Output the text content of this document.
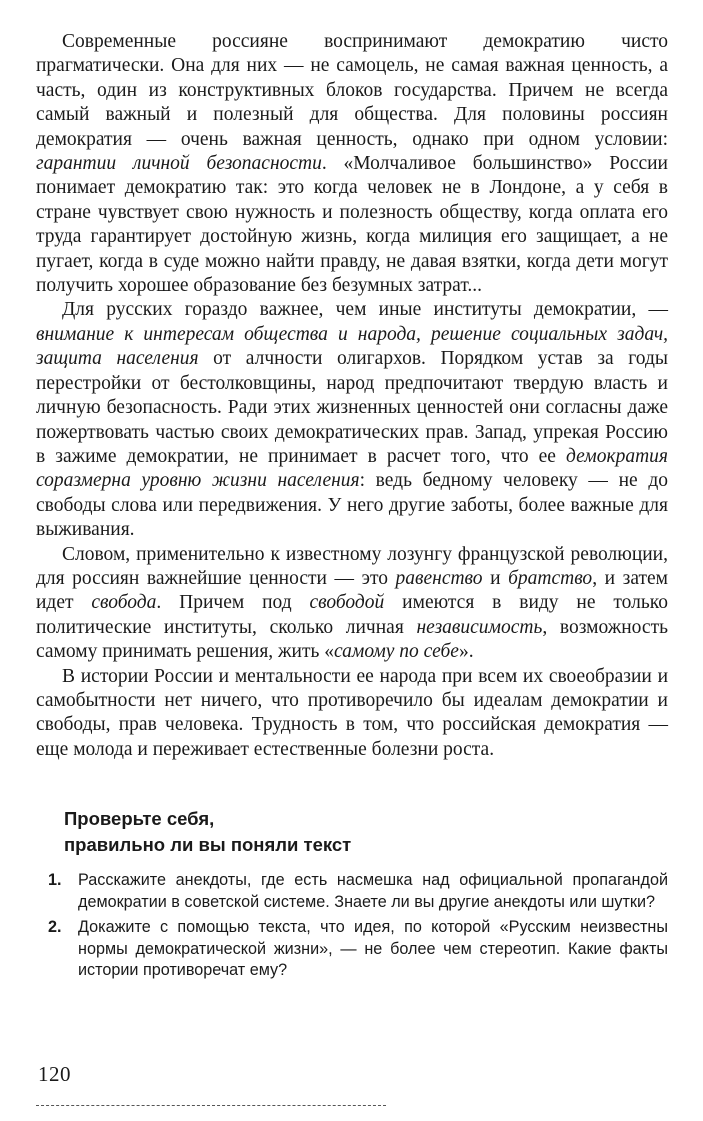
Современные россияне воспринимают демократию чисто прагматически. Она для них — не самоцель, не самая важная ценность, а часть, один из конструктивных блоков государства. Причем не всегда самый важный и полезный для общества. Для половины россиян демократия — очень важная ценность, однако при одном условии: гарантии личной безопасности. «Молчаливое большинство» России понимает демократию так: это когда человек не в Лондоне, а у себя в стране чувствует свою нужность и полезность обществу, когда оплата его труда гарантирует достойную жизнь, когда милиция его защищает, а не пугает, когда в суде можно найти правду, не давая взятки, когда дети могут получить хорошее образование без безумных затрат...

Для русских гораздо важнее, чем иные институты демократии, — внимание к интересам общества и народа, решение социальных задач, защита населения от алчности олигархов. Порядком устав за годы перестройки от бестолковщины, народ предпочитают твердую власть и личную безопасность. Ради этих жизненных ценностей они согласны даже пожертвовать частью своих демократических прав. Запад, упрекая Россию в зажиме демократии, не принимает в расчет того, что ее демократия соразмерна уровню жизни населения: ведь бедному человеку — не до свободы слова или передвижения. У него другие заботы, более важные для выживания.

Словом, применительно к известному лозунгу французской революции, для россиян важнейшие ценности — это равенство и братство, и затем идет свобода. Причем под свободой имеются в виду не только политические институты, сколько личная независимость, возможность самому принимать решения, жить «самому по себе».

В истории России и ментальности ее народа при всем их своеобразии и самобытности нет ничего, что противоречило бы идеалам демократии и свободы, прав человека. Трудность в том, что российская демократия — еще молода и переживает естественные болезни роста.

Проверьте себя,
правильно ли вы поняли текст
1. Расскажите анекдоты, где есть насмешка над официальной пропагандой демократии в советской системе. Знаете ли вы другие анекдоты или шутки?
2. Докажите с помощью текста, что идея, по которой «Русским неизвестны нормы демократической жизни», — не более чем стереотип. Какие факты истории противоречат ему?
120
